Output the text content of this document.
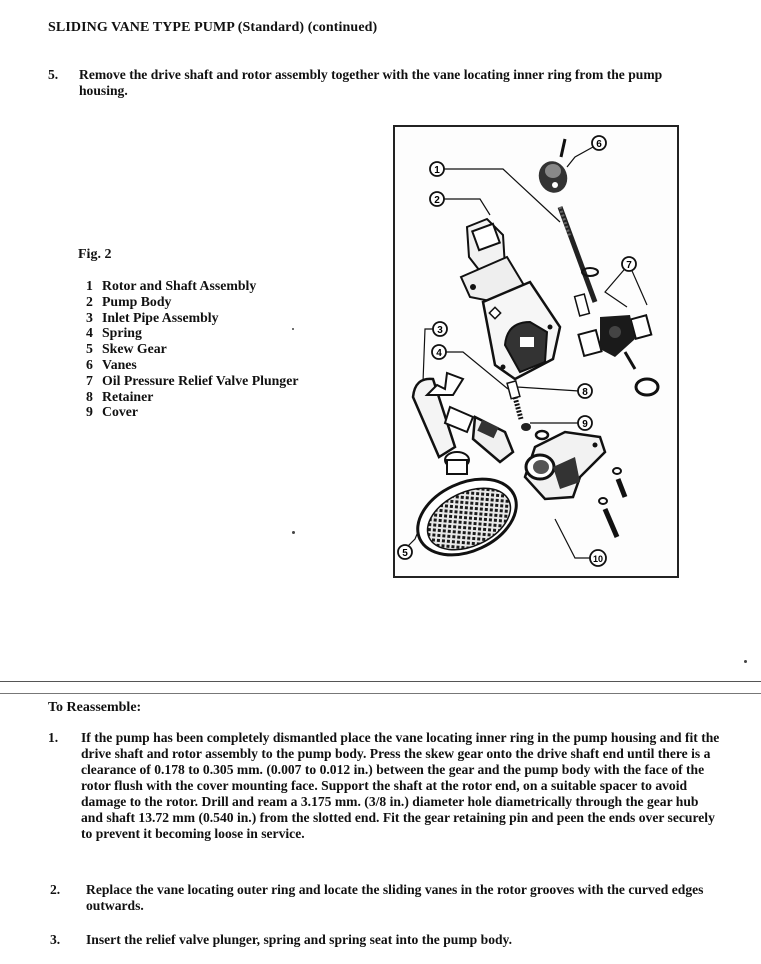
SLIDING VANE TYPE PUMP (Standard) (continued)
5. Remove the drive shaft and rotor assembly together with the vane locating inner ring from the pump housing.
Fig. 2
1 Rotor and Shaft Assembly
2 Pump Body
3 Inlet Pipe Assembly
4 Spring
5 Skew Gear
6 Vanes
7 Oil Pressure Relief Valve Plunger
8 Retainer
9 Cover
1
2
3
4
5
6
7
8
9
10
To Reassemble:
1. If the pump has been completely dismantled place the vane locating inner ring in the pump housing and fit the drive shaft and rotor assembly to the pump body. Press the skew gear onto the drive shaft end until there is a clearance of 0.178 to 0.305 mm. (0.007 to 0.012 in.) between the gear and the pump body with the face of the rotor flush with the cover mounting face. Support the shaft at the rotor end, on a suitable spacer to avoid damage to the rotor. Drill and ream a 3.175 mm. (3/8 in.) diameter hole diametrically through the gear hub and shaft 13.72 mm (0.540 in.) from the slotted end. Fit the gear retaining pin and peen the ends over securely to prevent it becoming loose in service.
2. Replace the vane locating outer ring and locate the sliding vanes in the rotor grooves with the curved edges outwards.
3. Insert the relief valve plunger, spring and spring seat into the pump body.
